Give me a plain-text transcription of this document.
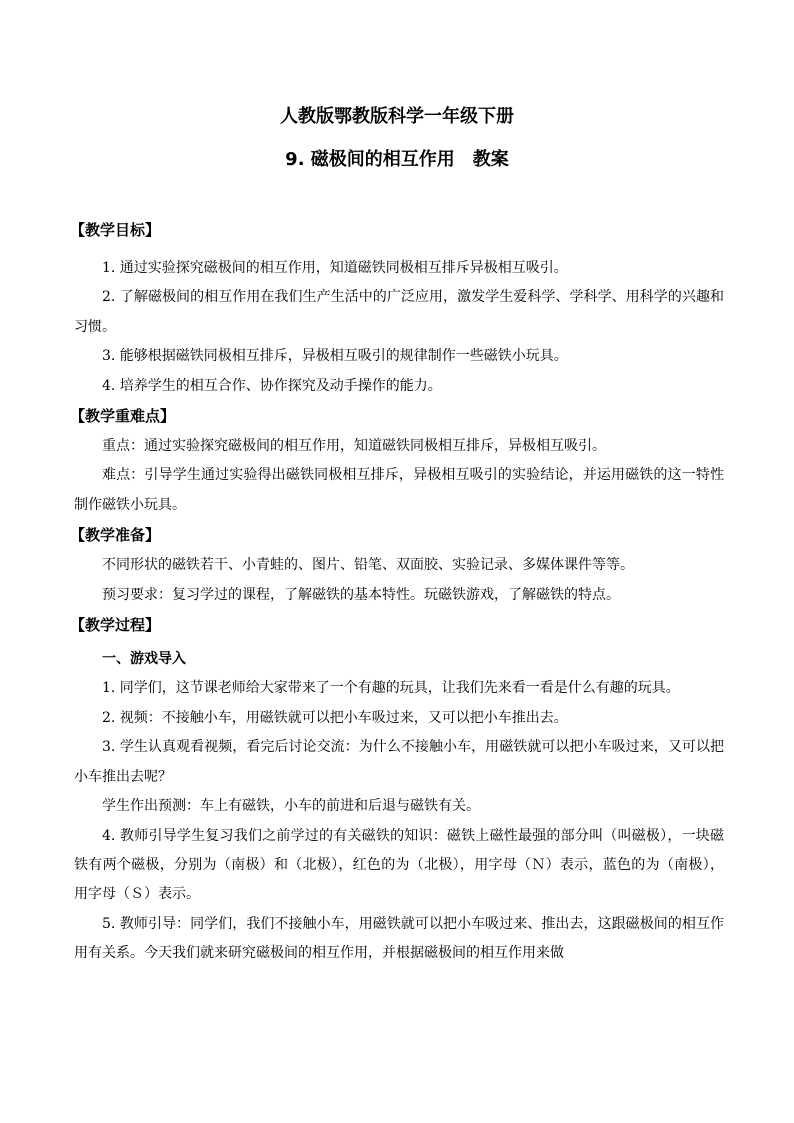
人教版鄂教版科学一年级下册
9. 磁极间的相互作用　教案
【教学目标】

1. 通过实验探究磁极间的相互作用，知道磁铁同极相互排斥异极相互吸引。

2. 了解磁极间的相互作用在我们生产生活中的广泛应用，激发学生爱科学、学科学、用科学的兴趣和习惯。

3. 能够根据磁铁同极相互排斥，异极相互吸引的规律制作一些磁铁小玩具。

4. 培养学生的相互合作、协作探究及动手操作的能力。

【教学重难点】

重点：通过实验探究磁极间的相互作用，知道磁铁同极相互排斥，异极相互吸引。

难点：引导学生通过实验得出磁铁同极相互排斥，异极相互吸引的实验结论，并运用磁铁的这一特性制作磁铁小玩具。

【教学准备】

不同形状的磁铁若干、小青蛙的、图片、铅笔、双面胶、实验记录、多媒体课件等等。

预习要求：复习学过的课程，了解磁铁的基本特性。玩磁铁游戏，了解磁铁的特点。

【教学过程】
一、游戏导入

1. 同学们，这节课老师给大家带来了一个有趣的玩具，让我们先来看一看是什么有趣的玩具。

2. 视频：不接触小车，用磁铁就可以把小车吸过来，又可以把小车推出去。

3. 学生认真观看视频，看完后讨论交流：为什么不接触小车，用磁铁就可以把小车吸过来，又可以把小车推出去呢？

学生作出预测：车上有磁铁，小车的前进和后退与磁铁有关。

4. 教师引导学生复习我们之前学过的有关磁铁的知识：磁铁上磁性最强的部分叫（叫磁极），一块磁铁有两个磁极，分别为（南极）和（北极），红色的为（北极），用字母（Ｎ）表示，蓝色的为（南极），用字母（Ｓ）表示。

5. 教师引导：同学们，我们不接触小车，用磁铁就可以把小车吸过来、推出去，这跟磁极间的相互作用有关系。今天我们就来研究磁极间的相互作用，并根据磁极间的相互作用来做
